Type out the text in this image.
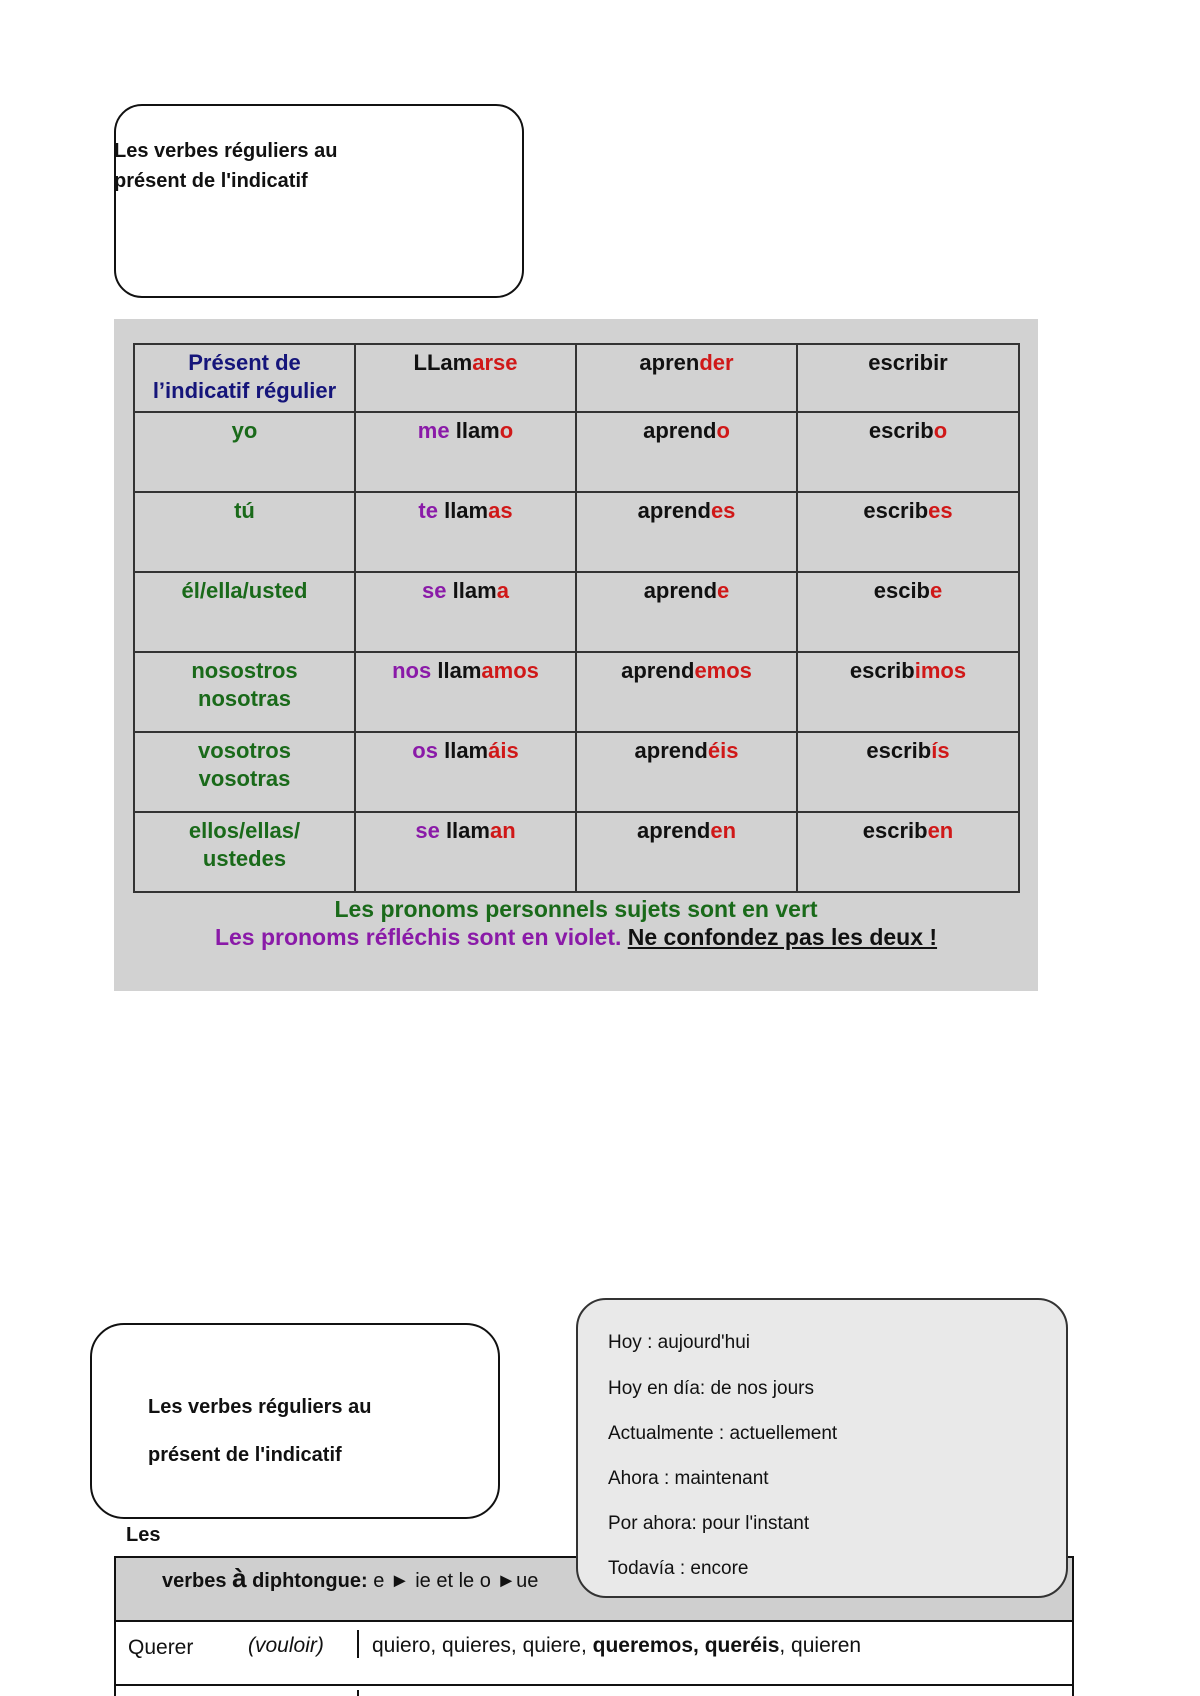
Les verbes réguliers au
présent de l'indicatif
Présent de
l’indicatif régulier	LLamarse	aprender	escribir

yo	me llamo	aprendo	escribo

tú	te llamas	aprendes	escribes

él/ella/usted	se llama	aprende	escibe

nosostros
nosotras	nos llamamos	aprendemos	escribimos

vosotros
vosotras	os llamáis	aprendéis	escribís

ellos/ellas/
ustedes	se llaman	aprenden	escriben
Les pronoms personnels sujets sont en vert
Les pronoms réfléchis sont en violet. Ne confondez pas les deux !
Les verbes réguliers au
présent de l'indicatif
Les
verbes à diphtongue: e ► ie et le o ►ue
Querer	(vouloir) quiero, quieres, quiere, queremos, queréis, quieren
Hoy : aujourd'hui
Hoy en día: de nos jours
Actualmente : actuellement
Ahora : maintenant
Por ahora: pour l'instant
Todavía : encore
